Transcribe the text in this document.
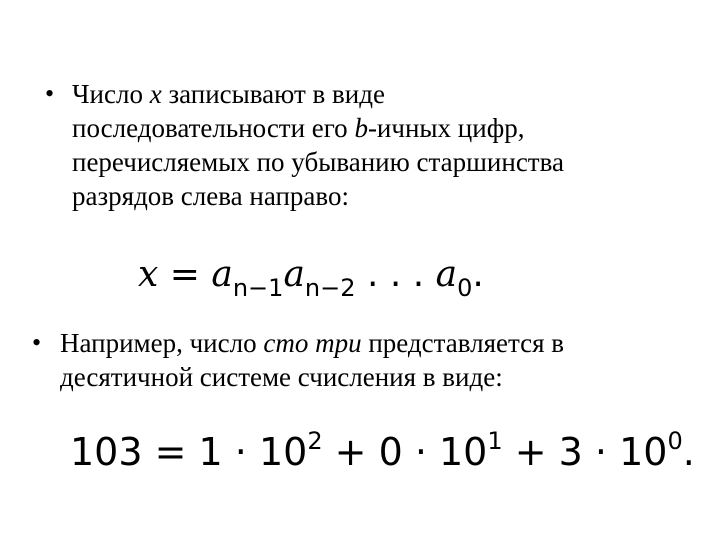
• Число x записывают в виде
последовательности его b-ичных цифр,
перечисляемых по убыванию старшинства
разрядов слева направо:
$x = a_{n-1}a_{n-2}$ . . . $a_0$.
• Например, число сто три представляется в
десятичной системе счисления в виде:
$103 = 1 \cdot 10^2 + 0 \cdot 10^1 + 3 \cdot 10^0$.
